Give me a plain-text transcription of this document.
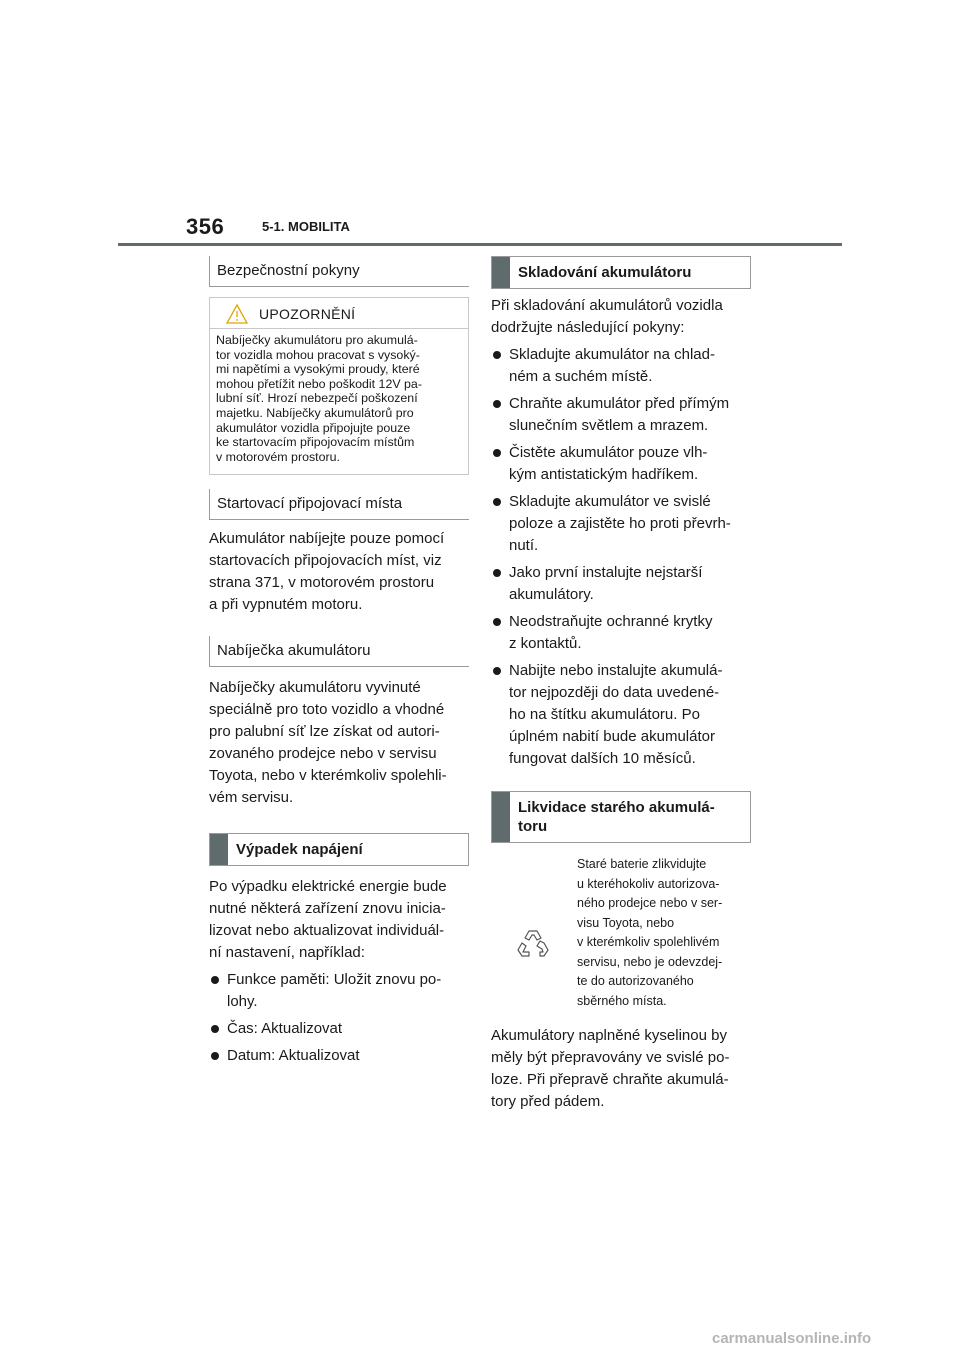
356	5-1. MOBILITA
Bezpečnostní pokyny
UPOZORNĚNÍ
Nabíječky akumulátoru pro akumulá-
tor vozidla mohou pracovat s vysoký-
mi napětími a vysokými proudy, které
mohou přetížit nebo poškodit 12V pa-
lubní síť. Hrozí nebezpečí poškození
majetku. Nabíječky akumulátorů pro
akumulátor vozidla připojujte pouze
ke startovacím připojovacím místům
v motorovém prostoru.
Startovací připojovací místa

Akumulátor nabíjejte pouze pomocí
startovacích připojovacích míst, viz
strana 371, v motorovém prostoru
a při vypnutém motoru.

Nabíječka akumulátoru

Nabíječky akumulátoru vyvinuté
speciálně pro toto vozidlo a vhodné
pro palubní síť lze získat od autori-
zovaného prodejce nebo v servisu
Toyota, nebo v kterémkoliv spolehli-
vém servisu.

Výpadek napájení

Po výpadku elektrické energie bude
nutné některá zařízení znovu inicia-
lizovat nebo aktualizovat individuál-
ní nastavení, například:

Funkce paměti: Uložit znovu po-
lohy.
Čas: Aktualizovat
Datum: Aktualizovat
Skladování akumulátoru

Při skladování akumulátorů vozidla
dodržujte následující pokyny:

Skladujte akumulátor na chlad-
ném a suchém místě.
Chraňte akumulátor před přímým
slunečním světlem a mrazem.
Čistěte akumulátor pouze vlh-
kým antistatickým hadříkem.
Skladujte akumulátor ve svislé
poloze a zajistěte ho proti převrh-
nutí.
Jako první instalujte nejstarší
akumulátory.
Neodstraňujte ochranné krytky
z kontaktů.
Nabijte nebo instalujte akumulá-
tor nejpozději do data uvedené-
ho na štítku akumulátoru. Po
úplném nabití bude akumulátor
fungovat dalších 10 měsíců.
Likvidace starého akumulá-
toru
Staré baterie zlikvidujte
u kteréhokoliv autorizova-
ného prodejce nebo v ser-
visu Toyota, nebo
v kterémkoliv spolehlivém
servisu, nebo je odevzdej-
te do autorizovaného
sběrného místa.

Akumulátory naplněné kyselinou by
měly být přepravovány ve svislé po-
loze. Při přepravě chraňte akumulá-
tory před pádem.

carmanualsonline.info
